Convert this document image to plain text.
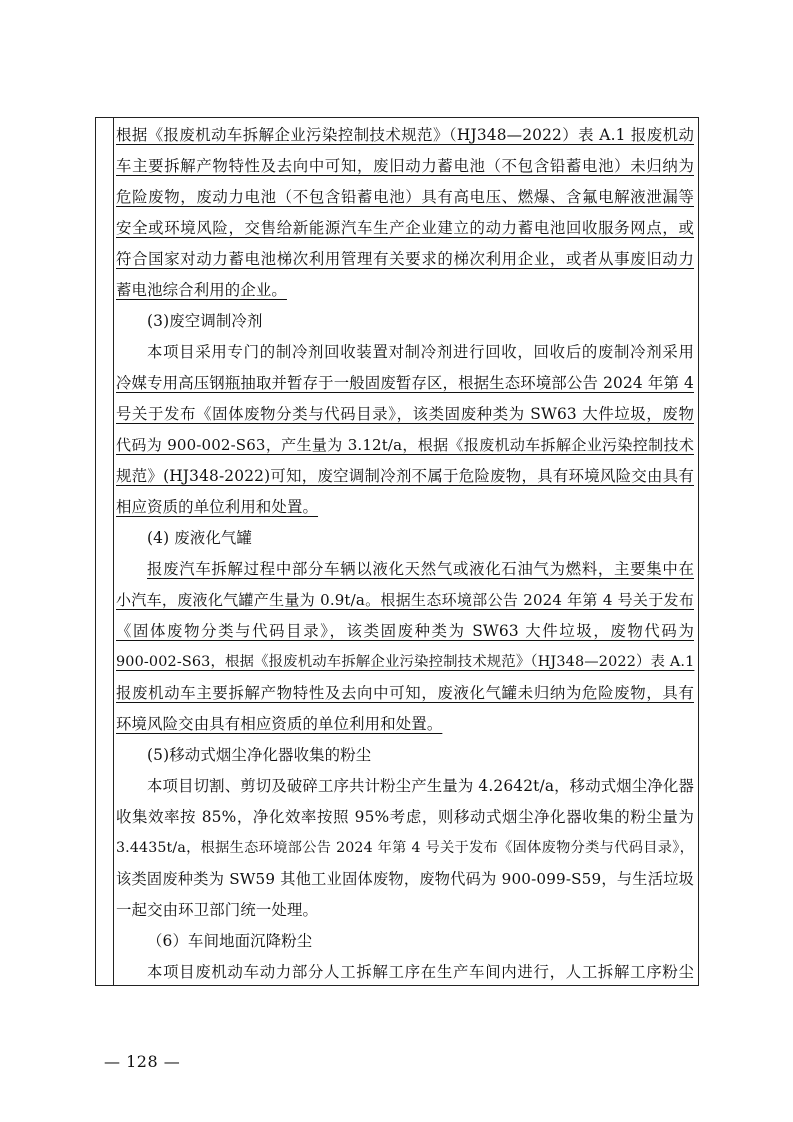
根据《报废机动车拆解企业污染控制技术规范》（HJ348—2022）表 A.1 报废机动
车主要拆解产物特性及去向中可知，废旧动力蓄电池（不包含铅蓄电池）未归纳为
危险废物，废动力电池（不包含铅蓄电池）具有高电压、燃爆、含氟电解液泄漏等
安全或环境风险，交售给新能源汽车生产企业建立的动力蓄电池回收服务网点，或
符合国家对动力蓄电池梯次利用管理有关要求的梯次利用企业，或者从事废旧动力
蓄电池综合利用的企业。
(3)废空调制冷剂
本项目采用专门的制冷剂回收装置对制冷剂进行回收，回收后的废制冷剂采用
冷媒专用高压钢瓶抽取并暂存于一般固废暂存区，根据生态环境部公告 2024 年第 4
号关于发布《固体废物分类与代码目录》，该类固废种类为 SW63 大件垃圾，废物
代码为 900-002-S63，产生量为 3.12t/a，根据《报废机动车拆解企业污染控制技术
规范》(HJ348-2022)可知，废空调制冷剂不属于危险废物，具有环境风险交由具有
相应资质的单位利用和处置。
(4) 废液化气罐
报废汽车拆解过程中部分车辆以液化天然气或液化石油气为燃料，主要集中在
小汽车，废液化气罐产生量为 0.9t/a。根据生态环境部公告 2024 年第 4 号关于发布
《固体废物分类与代码目录》，该类固废种类为 SW63 大件垃圾，废物代码为
900-002-S63，根据《报废机动车拆解企业污染控制技术规范》（HJ348—2022）表 A.1
报废机动车主要拆解产物特性及去向中可知，废液化气罐未归纳为危险废物，具有
环境风险交由具有相应资质的单位利用和处置。
(5)移动式烟尘净化器收集的粉尘
本项目切割、剪切及破碎工序共计粉尘产生量为 4.2642t/a，移动式烟尘净化器
收集效率按 85%，净化效率按照 95%考虑，则移动式烟尘净化器收集的粉尘量为
3.4435t/a，根据生态环境部公告 2024 年第 4 号关于发布《固体废物分类与代码目录》，
该类固废种类为 SW59 其他工业固体废物，废物代码为 900-099-S59，与生活垃圾
一起交由环卫部门统一处理。
（6）车间地面沉降粉尘
本项目废机动车动力部分人工拆解工序在生产车间内进行，人工拆解工序粉尘
— 128 —
